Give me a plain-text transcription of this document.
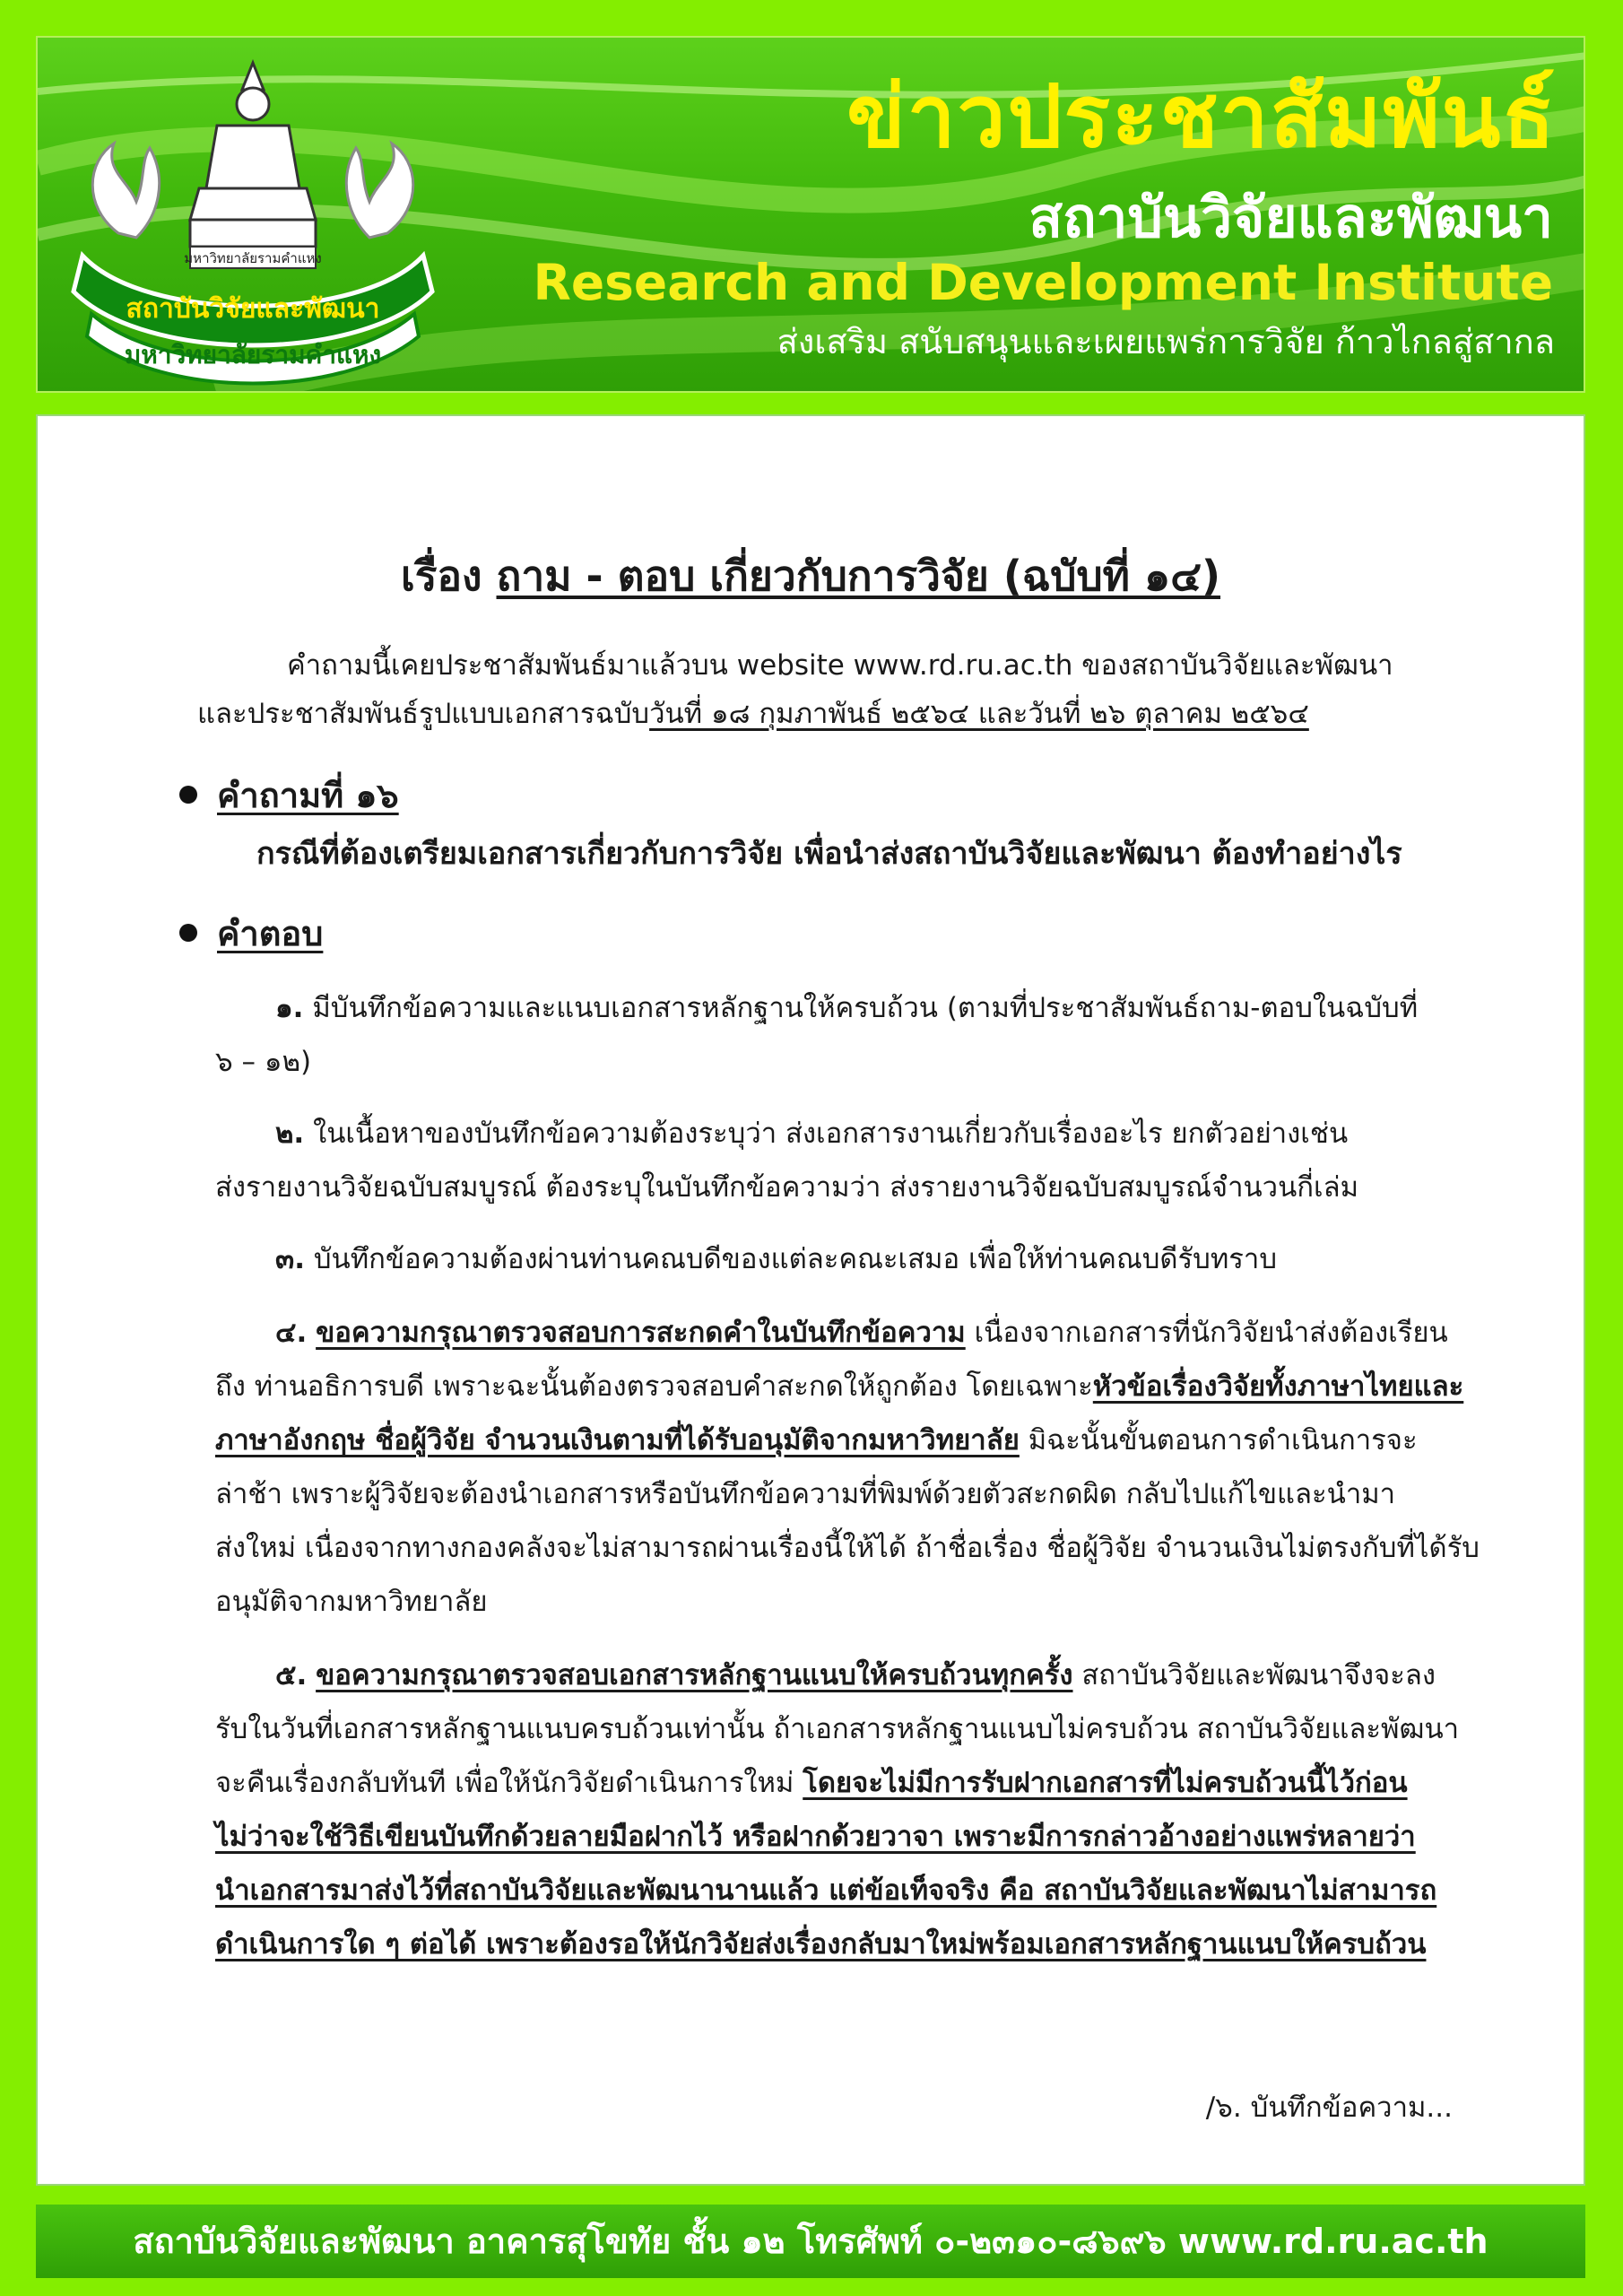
มหาวิทยาลัยรามคำแหง
สถาบันวิจัยและพัฒนา
มหาวิทยาลัยรามคำแหง

ข่าวประชาสัมพันธ์

สถาบันวิจัยและพัฒนา

Research and Development Institute

ส่งเสริม สนับสนุนและเผยแพร่การวิจัย ก้าวไกลสู่สากล

เรื่อง ถาม - ตอบ เกี่ยวกับการวิจัย (ฉบับที่ ๑๔)

คำถามนี้เคยประชาสัมพันธ์มาแล้วบน website www.rd.ru.ac.th ของสถาบันวิจัยและพัฒนา

และประชาสัมพันธ์รูปแบบเอกสารฉบับวันที่ ๑๘ กุมภาพันธ์ ๒๕๖๔ และวันที่ ๒๖ ตุลาคม ๒๕๖๔

คำถามที่ ๑๖

กรณีที่ต้องเตรียมเอกสารเกี่ยวกับการวิจัย เพื่อนำส่งสถาบันวิจัยและพัฒนา ต้องทำอย่างไร

คำตอบ

๑. มีบันทึกข้อความและแนบเอกสารหลักฐานให้ครบถ้วน (ตามที่ประชาสัมพันธ์ถาม-ตอบในฉบับที่

๖ – ๑๒)

๒. ในเนื้อหาของบันทึกข้อความต้องระบุว่า ส่งเอกสารงานเกี่ยวกับเรื่องอะไร ยกตัวอย่างเช่น

ส่งรายงานวิจัยฉบับสมบูรณ์ ต้องระบุในบันทึกข้อความว่า ส่งรายงานวิจัยฉบับสมบูรณ์จำนวนกี่เล่ม

๓. บันทึกข้อความต้องผ่านท่านคณบดีของแต่ละคณะเสมอ เพื่อให้ท่านคณบดีรับทราบ

๔. ขอความกรุณาตรวจสอบการสะกดคำในบันทึกข้อความ เนื่องจากเอกสารที่นักวิจัยนำส่งต้องเรียน

ถึง ท่านอธิการบดี เพราะฉะนั้นต้องตรวจสอบคำสะกดให้ถูกต้อง โดยเฉพาะหัวข้อเรื่องวิจัยทั้งภาษาไทยและ

ภาษาอังกฤษ ชื่อผู้วิจัย จำนวนเงินตามที่ได้รับอนุมัติจากมหาวิทยาลัย มิฉะนั้นขั้นตอนการดำเนินการจะ

ล่าช้า เพราะผู้วิจัยจะต้องนำเอกสารหรือบันทึกข้อความที่พิมพ์ด้วยตัวสะกดผิด กลับไปแก้ไขและนำมา

ส่งใหม่ เนื่องจากทางกองคลังจะไม่สามารถผ่านเรื่องนี้ให้ได้ ถ้าชื่อเรื่อง ชื่อผู้วิจัย จำนวนเงินไม่ตรงกับที่ได้รับ

อนุมัติจากมหาวิทยาลัย

๕. ขอความกรุณาตรวจสอบเอกสารหลักฐานแนบให้ครบถ้วนทุกครั้ง สถาบันวิจัยและพัฒนาจึงจะลง

รับในวันที่เอกสารหลักฐานแนบครบถ้วนเท่านั้น ถ้าเอกสารหลักฐานแนบไม่ครบถ้วน สถาบันวิจัยและพัฒนา

จะคืนเรื่องกลับทันที เพื่อให้นักวิจัยดำเนินการใหม่ โดยจะไม่มีการรับฝากเอกสารที่ไม่ครบถ้วนนี้ไว้ก่อน

ไม่ว่าจะใช้วิธีเขียนบันทึกด้วยลายมือฝากไว้ หรือฝากด้วยวาจา เพราะมีการกล่าวอ้างอย่างแพร่หลายว่า

นำเอกสารมาส่งไว้ที่สถาบันวิจัยและพัฒนานานแล้ว แต่ข้อเท็จจริง คือ สถาบันวิจัยและพัฒนาไม่สามารถ

ดำเนินการใด ๆ ต่อได้ เพราะต้องรอให้นักวิจัยส่งเรื่องกลับมาใหม่พร้อมเอกสารหลักฐานแนบให้ครบถ้วน

/๖. บันทึกข้อความ...

สถาบันวิจัยและพัฒนา อาคารสุโขทัย ชั้น ๑๒ โทรศัพท์ ๐-๒๓๑๐-๘๖๙๖ www.rd.ru.ac.th
